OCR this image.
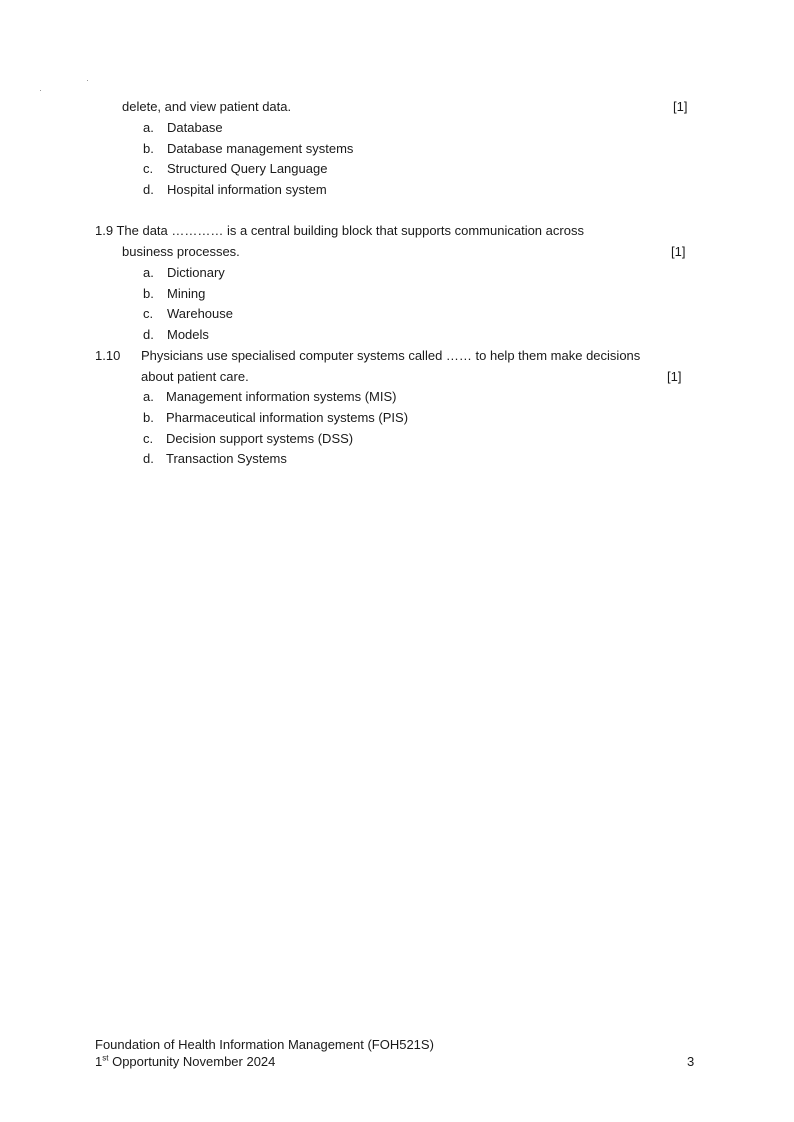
delete, and view patient data.	[1]
a. Database
b. Database management systems
c. Structured Query Language
d. Hospital information system
1.9 The data ………… is a central building block that supports communication across
business processes.	[1]
a. Dictionary
b. Mining
c. Warehouse
d. Models
1.10 Physicians use specialised computer systems called …… to help them make decisions
about patient care.	[1]
a. Management information systems (MIS)
b. Pharmaceutical information systems (PIS)
c. Decision support systems (DSS)
d. Transaction Systems
Foundation of Health Information Management (FOH521S)
1st Opportunity November 2024	3
